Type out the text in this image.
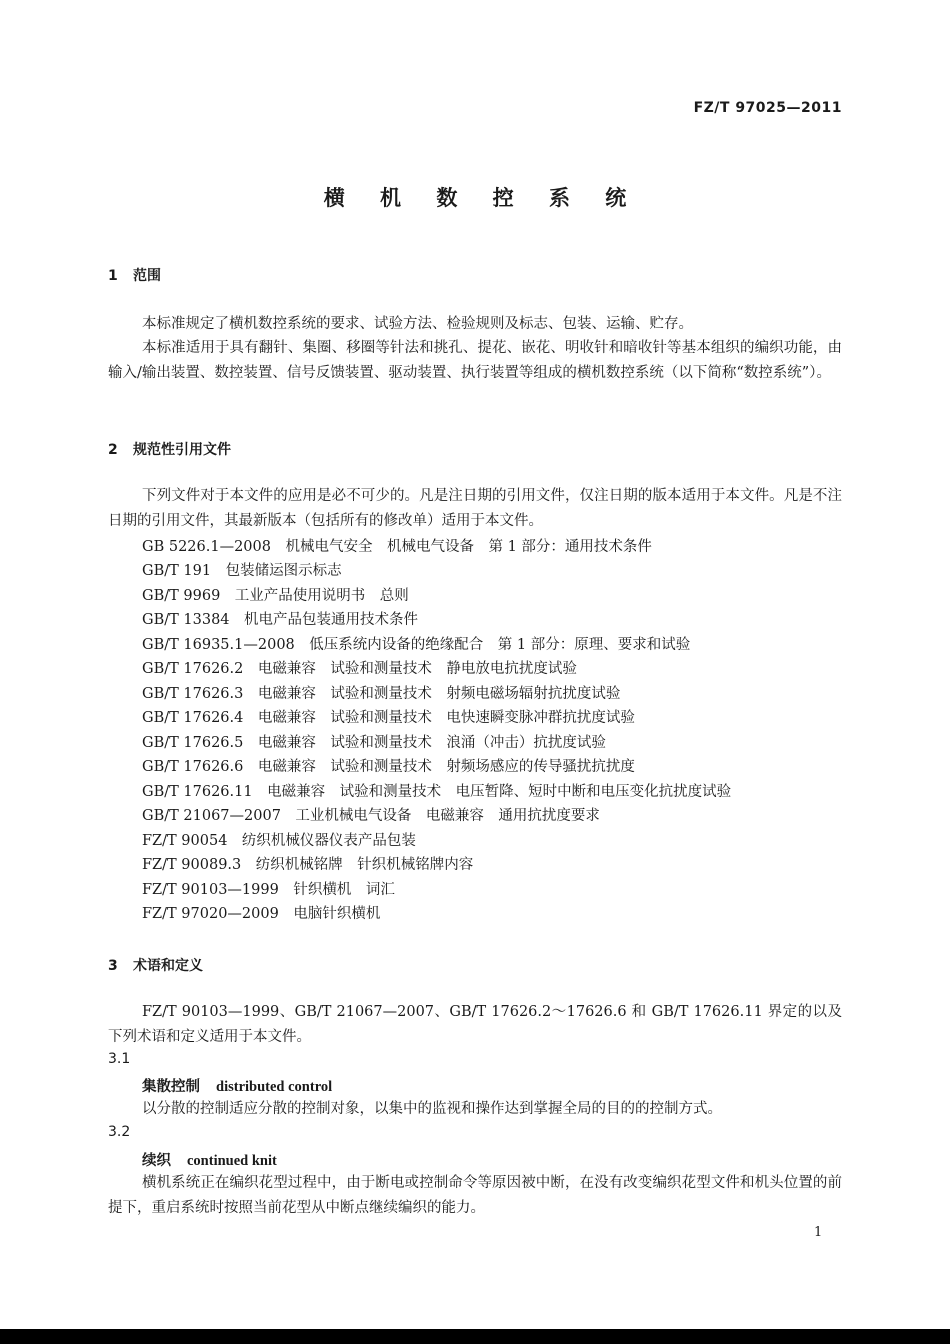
FZ/T 97025—2011
横 机 数 控 系 统
1 范围
本标准规定了横机数控系统的要求、试验方法、检验规则及标志、包装、运输、贮存。
本标准适用于具有翻针、集圈、移圈等针法和挑孔、提花、嵌花、明收针和暗收针等基本组织的编织功能，由输入/输出装置、数控装置、信号反馈装置、驱动装置、执行装置等组成的横机数控系统（以下简称“数控系统”）。
2 规范性引用文件
下列文件对于本文件的应用是必不可少的。凡是注日期的引用文件，仅注日期的版本适用于本文件。凡是不注日期的引用文件，其最新版本（包括所有的修改单）适用于本文件。
GB 5226.1—2008　机械电气安全　机械电气设备　第 1 部分：通用技术条件
GB/T 191　包装储运图示标志
GB/T 9969　工业产品使用说明书　总则
GB/T 13384　机电产品包装通用技术条件
GB/T 16935.1—2008　低压系统内设备的绝缘配合　第 1 部分：原理、要求和试验
GB/T 17626.2　电磁兼容　试验和测量技术　静电放电抗扰度试验
GB/T 17626.3　电磁兼容　试验和测量技术　射频电磁场辐射抗扰度试验
GB/T 17626.4　电磁兼容　试验和测量技术　电快速瞬变脉冲群抗扰度试验
GB/T 17626.5　电磁兼容　试验和测量技术　浪涌（冲击）抗扰度试验
GB/T 17626.6　电磁兼容　试验和测量技术　射频场感应的传导骚扰抗扰度
GB/T 17626.11　电磁兼容　试验和测量技术　电压暂降、短时中断和电压变化抗扰度试验
GB/T 21067—2007　工业机械电气设备　电磁兼容　通用抗扰度要求
FZ/T 90054　纺织机械仪器仪表产品包装
FZ/T 90089.3　纺织机械铭牌　针织机械铭牌内容
FZ/T 90103—1999　针织横机　词汇
FZ/T 97020—2009　电脑针织横机
3 术语和定义
FZ/T 90103—1999、GB/T 21067—2007、GB/T 17626.2～17626.6 和 GB/T 17626.11 界定的以及下列术语和定义适用于本文件。
3.1
集散控制 distributed control
以分散的控制适应分散的控制对象，以集中的监视和操作达到掌握全局的目的的控制方式。
3.2
续织 continued knit
横机系统正在编织花型过程中，由于断电或控制命令等原因被中断，在没有改变编织花型文件和机头位置的前提下，重启系统时按照当前花型从中断点继续编织的能力。
1
